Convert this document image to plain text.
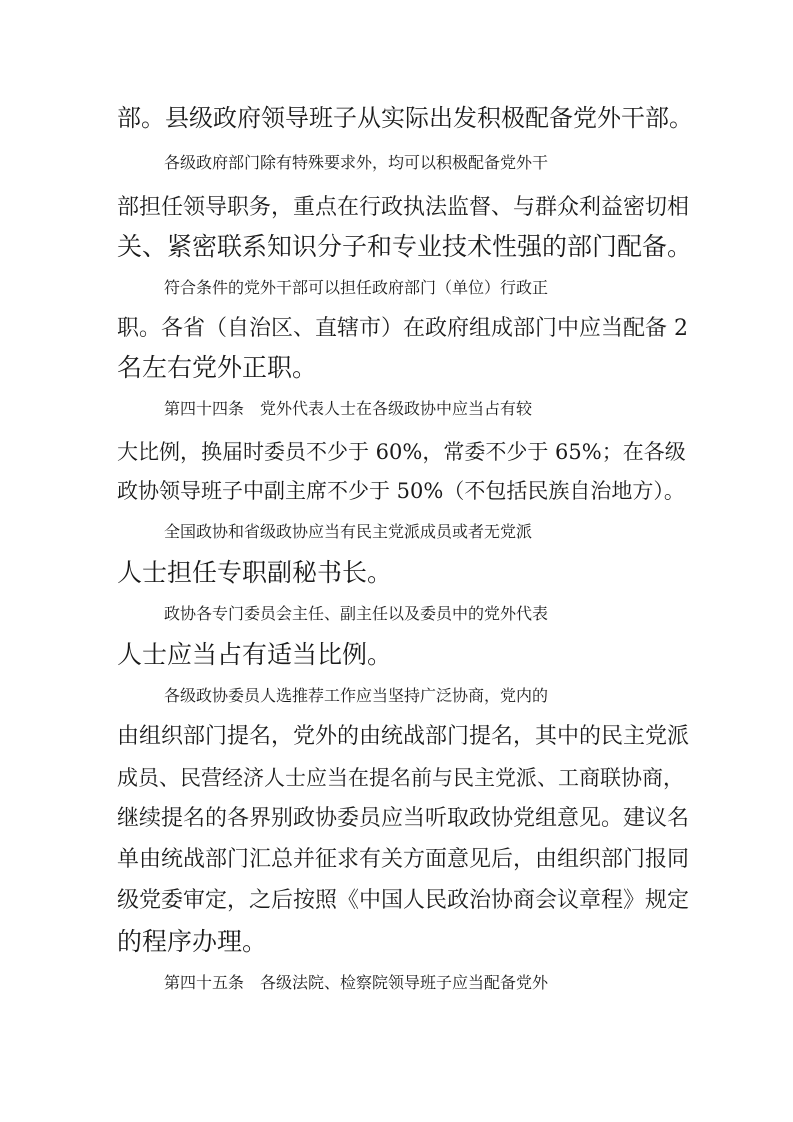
部。县级政府领导班子从实际出发积极配备党外干部。
各级政府部门除有特殊要求外，均可以积极配备党外干
部担任领导职务，重点在行政执法监督、与群众利益密切相
关、紧密联系知识分子和专业技术性强的部门配备。
符合条件的党外干部可以担任政府部门（单位）行政正
职。各省（自治区、直辖市）在政府组成部门中应当配备 2
名左右党外正职。
第四十四条　党外代表人士在各级政协中应当占有较
大比例，换届时委员不少于 60%，常委不少于 65%；在各级
政协领导班子中副主席不少于 50%（不包括民族自治地方）。
全国政协和省级政协应当有民主党派成员或者无党派
人士担任专职副秘书长。
政协各专门委员会主任、副主任以及委员中的党外代表
人士应当占有适当比例。
各级政协委员人选推荐工作应当坚持广泛协商，党内的
由组织部门提名，党外的由统战部门提名，其中的民主党派
成员、民营经济人士应当在提名前与民主党派、工商联协商，
继续提名的各界别政协委员应当听取政协党组意见。建议名
单由统战部门汇总并征求有关方面意见后，由组织部门报同
级党委审定，之后按照《中国人民政治协商会议章程》规定
的程序办理。
第四十五条　各级法院、检察院领导班子应当配备党外
